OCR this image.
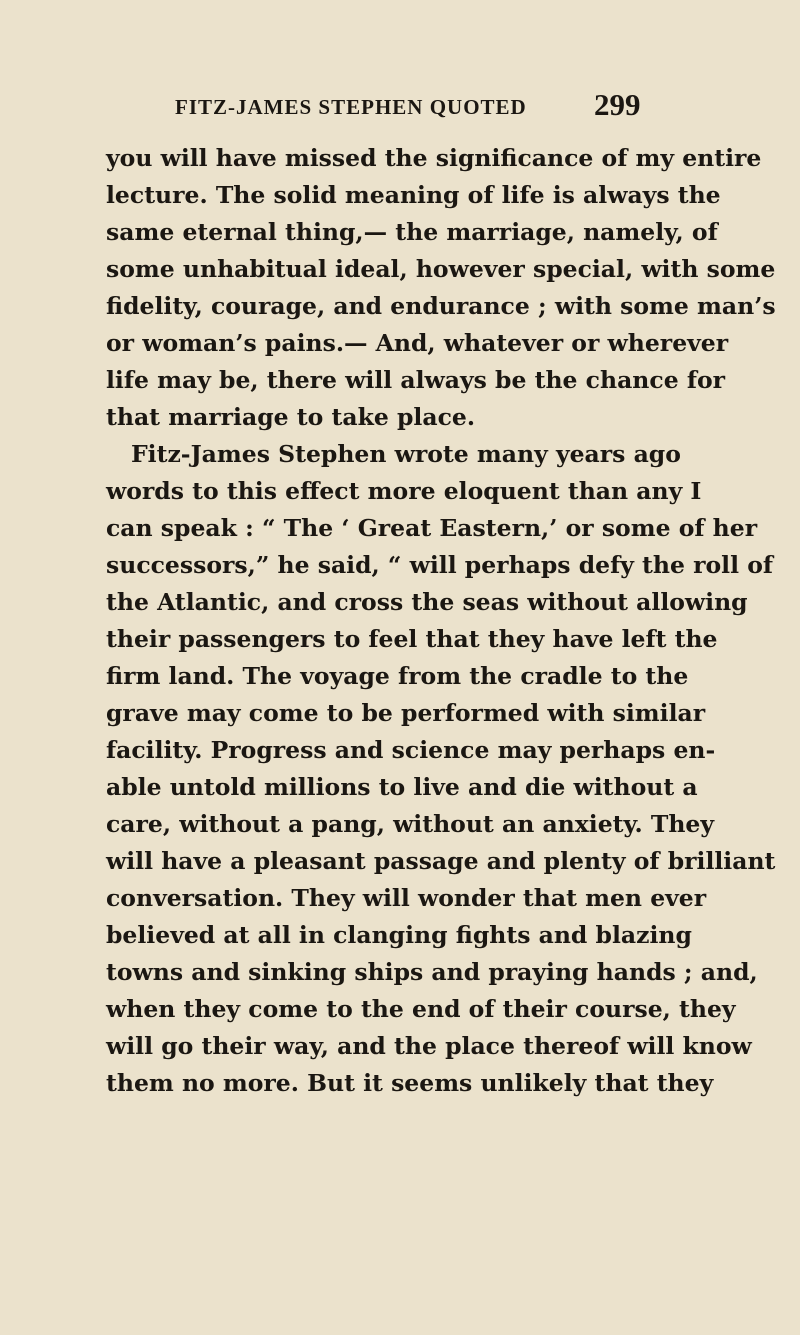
FITZ-JAMES STEPHEN QUOTED 299
you will have missed the significance of my entire
lecture. The solid meaning of life is always the
same eternal thing,— the marriage, namely, of
some unhabitual ideal, however special, with some
fidelity, courage, and endurance ; with some man’s
or woman’s pains.— And, whatever or wherever
life may be, there will always be the chance for
that marriage to take place.
Fitz-James Stephen wrote many years ago
words to this effect more eloquent than any I
can speak : “ The ‘ Great Eastern,’ or some of her
successors,” he said, “ will perhaps defy the roll of
the Atlantic, and cross the seas without allowing
their passengers to feel that they have left the
firm land. The voyage from the cradle to the
grave may come to be performed with similar
facility. Progress and science may perhaps en-
able untold millions to live and die without a
care, without a pang, without an anxiety. They
will have a pleasant passage and plenty of brilliant
conversation. They will wonder that men ever
believed at all in clanging fights and blazing
towns and sinking ships and praying hands ; and,
when they come to the end of their course, they
will go their way, and the place thereof will know
them no more. But it seems unlikely that they
